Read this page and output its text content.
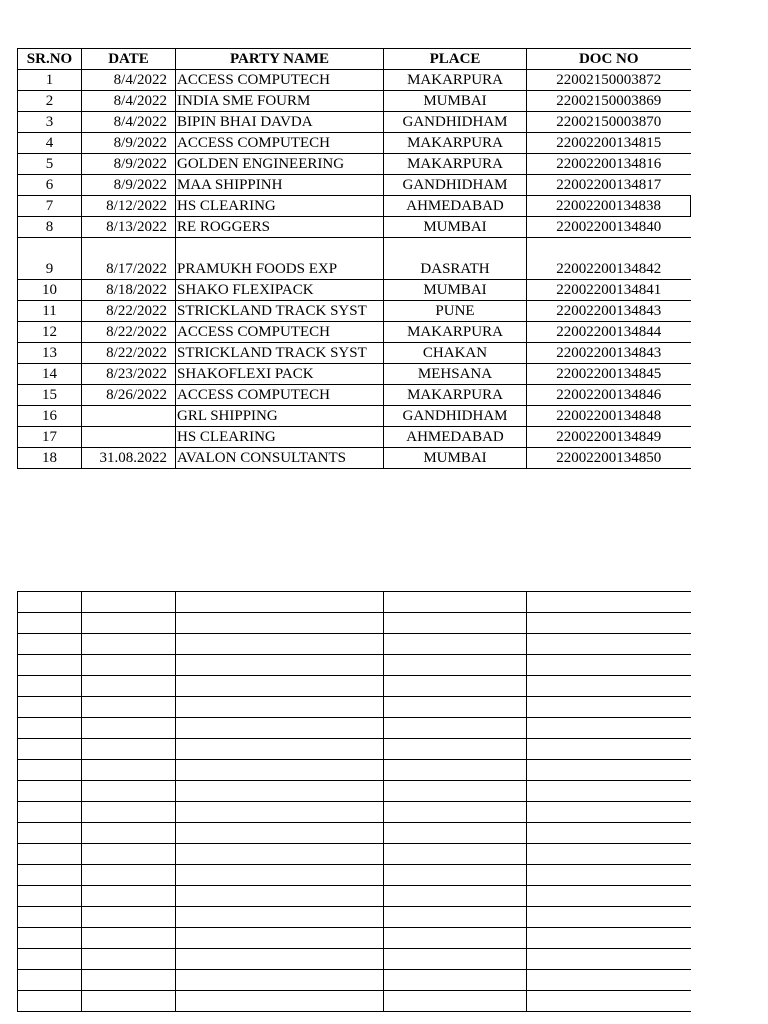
SR.NO	DATE	PARTY NAME	PLACE	DOC NO
1	8/4/2022	ACCESS COMPUTECH	MAKARPURA	22002150003872
2	8/4/2022	INDIA SME FOURM	MUMBAI	22002150003869
3	8/4/2022	BIPIN BHAI DAVDA	GANDHIDHAM	22002150003870
4	8/9/2022	ACCESS COMPUTECH	MAKARPURA	22002200134815
5	8/9/2022	GOLDEN ENGINEERING	MAKARPURA	22002200134816
6	8/9/2022	MAA SHIPPINH	GANDHIDHAM	22002200134817
7	8/12/2022	HS CLEARING	AHMEDABAD	22002200134838
8	8/13/2022	RE ROGGERS	MUMBAI	22002200134840
9	8/17/2022	PRAMUKH FOODS EXP	DASRATH	22002200134842
10	8/18/2022	SHAKO FLEXIPACK	MUMBAI	22002200134841
11	8/22/2022	STRICKLAND TRACK SYST	PUNE	22002200134843
12	8/22/2022	ACCESS COMPUTECH	MAKARPURA	22002200134844
13	8/22/2022	STRICKLAND TRACK SYST	CHAKAN	22002200134843
14	8/23/2022	SHAKOFLEXI PACK	MEHSANA	22002200134845
15	8/26/2022	ACCESS COMPUTECH	MAKARPURA	22002200134846
16		GRL SHIPPING	GANDHIDHAM	22002200134848
17		HS CLEARING	AHMEDABAD	22002200134849
18	31.08.2022	AVALON CONSULTANTS	MUMBAI	22002200134850
